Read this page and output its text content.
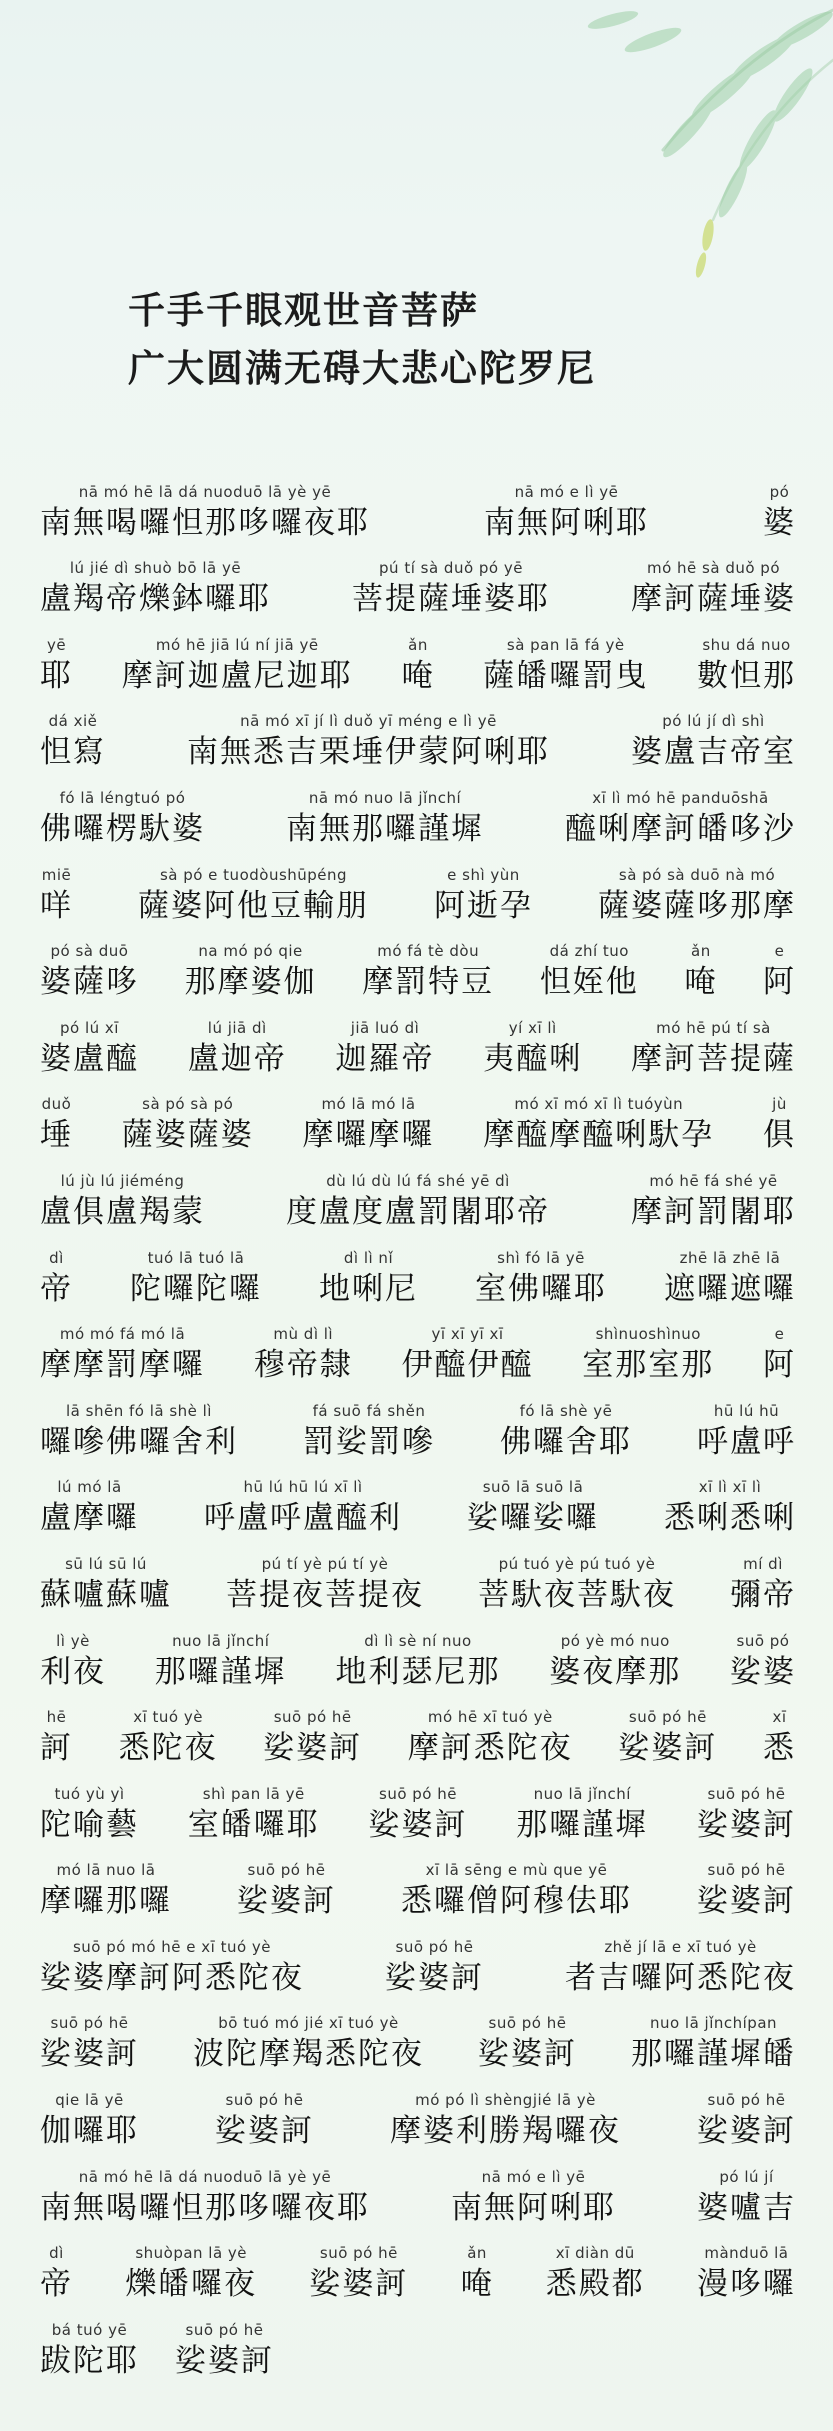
千手千眼观世音菩萨
广大圆满无碍大悲心陀罗尼
nā mó hē lā dá nuoduō lā yè yē
南無喝囉怛那哆囉夜耶
nā mó e lì yē
南無阿唎耶
pó
婆
lú jié dì shuò bō lā yē
盧羯帝爍鉢囉耶
pú tí sà duǒ pó yē
菩提薩埵婆耶
mó hē sà duǒ pó
摩訶薩埵婆
yē
耶
mó hē jiā lú ní jiā yē
摩訶迦盧尼迦耶
ǎn
唵
sà pan lā fá yè
薩皤囉罰曳
shu dá nuo
數怛那
dá xiě
怛寫
nā mó xī jí lì duǒ yī méng e lì yē
南無悉吉栗埵伊蒙阿唎耶
pó lú jí dì shì
婆盧吉帝室
fó lā léngtuó pó
佛囉楞馱婆
nā mó nuo lā jǐnchí
南無那囉謹墀
xī lì mó hē panduōshā
醯唎摩訶皤哆沙
miē
咩
sà pó e tuodòushūpéng
薩婆阿他豆輸朋
e shì yùn
阿逝孕
sà pó sà duō nà mó
薩婆薩哆那摩
pó sà duō
婆薩哆
na mó pó qie
那摩婆伽
mó fá tè dòu
摩罰特豆
dá zhí tuo
怛姪他
ǎn
唵
e
阿
pó lú xī
婆盧醯
lú jiā dì
盧迦帝
jiā luó dì
迦羅帝
yí xī lì
夷醯唎
mó hē pú tí sà
摩訶菩提薩
duǒ
埵
sà pó sà pó
薩婆薩婆
mó lā mó lā
摩囉摩囉
mó xī mó xī lì tuóyùn
摩醯摩醯唎馱孕
jù
俱
lú jù lú jiéméng
盧俱盧羯蒙
dù lú dù lú fá shé yē dì
度盧度盧罰闍耶帝
mó hē fá shé yē
摩訶罰闍耶
dì
帝
tuó lā tuó lā
陀囉陀囉
dì lì nǐ
地唎尼
shì fó lā yē
室佛囉耶
zhē lā zhē lā
遮囉遮囉
mó mó fá mó lā
摩摩罰摩囉
mù dì lì
穆帝隸
yī xī yī xī
伊醯伊醯
shìnuoshìnuo
室那室那
e
阿
lā shēn fó lā shè lì
囉嘇佛囉舍利
fá suō fá shěn
罰娑罰嘇
fó lā shè yē
佛囉舍耶
hū lú hū
呼盧呼
lú mó lā
盧摩囉
hū lú hū lú xī lì
呼盧呼盧醯利
suō lā suō lā
娑囉娑囉
xī lì xī lì
悉唎悉唎
sū lú sū lú
蘇嚧蘇嚧
pú tí yè pú tí yè
菩提夜菩提夜
pú tuó yè pú tuó yè
菩馱夜菩馱夜
mí dì
彌帝
lì yè
利夜
nuo lā jǐnchí
那囉謹墀
dì lì sè ní nuo
地利瑟尼那
pó yè mó nuo
婆夜摩那
suō pó
娑婆
hē
訶
xī tuó yè
悉陀夜
suō pó hē
娑婆訶
mó hē xī tuó yè
摩訶悉陀夜
suō pó hē
娑婆訶
xī
悉
tuó yù yì
陀喻藝
shì pan lā yē
室皤囉耶
suō pó hē
娑婆訶
nuo lā jǐnchí
那囉謹墀
suō pó hē
娑婆訶
mó lā nuo lā
摩囉那囉
suō pó hē
娑婆訶
xī lā sēng e mù que yē
悉囉僧阿穆佉耶
suō pó hē
娑婆訶
suō pó mó hē e xī tuó yè
娑婆摩訶阿悉陀夜
suō pó hē
娑婆訶
zhě jí lā e xī tuó yè
者吉囉阿悉陀夜
suō pó hē
娑婆訶
bō tuó mó jié xī tuó yè
波陀摩羯悉陀夜
suō pó hē
娑婆訶
nuo lā jǐnchípan
那囉謹墀皤
qie lā yē
伽囉耶
suō pó hē
娑婆訶
mó pó lì shèngjié lā yè
摩婆利勝羯囉夜
suō pó hē
娑婆訶
nā mó hē lā dá nuoduō lā yè yē
南無喝囉怛那哆囉夜耶
nā mó e lì yē
南無阿唎耶
pó lú jí
婆嚧吉
dì
帝
shuòpan lā yè
爍皤囉夜
suō pó hē
娑婆訶
ǎn
唵
xī diàn dū
悉殿都
mànduō lā
漫哆囉
bá tuó yē
跋陀耶
suō pó hē
娑婆訶
